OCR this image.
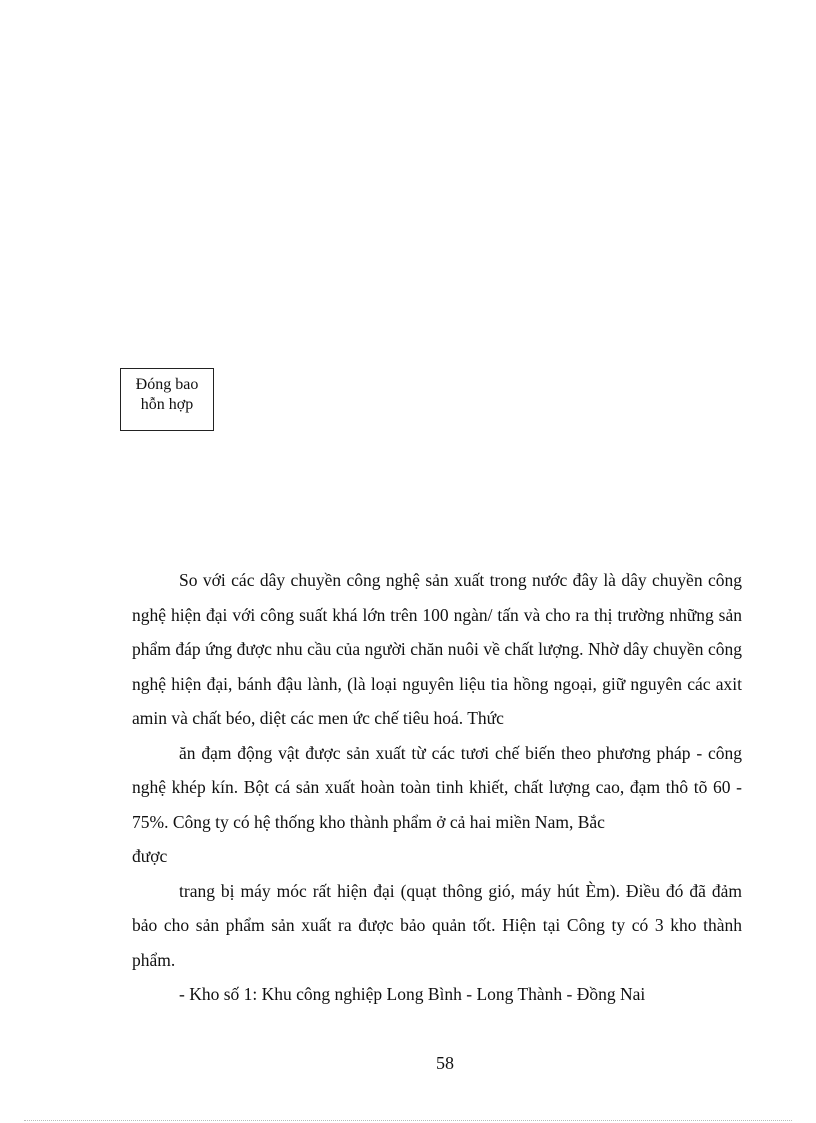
Đóng bao
hỗn hợp

So với các dây chuyền công nghệ sản xuất trong nước đây là dây chuyền công nghệ hiện đại với công suất khá lớn trên 100 ngàn/ tấn và cho ra thị trường những sản phẩm đáp ứng được nhu cầu của người chăn nuôi về chất lượng. Nhờ dây chuyền công nghệ hiện đại, bánh đậu lành, (là loại nguyên liệu tia hồng ngoại, giữ nguyên các axit amin và chất béo, diệt các men ức chế tiêu hoá. Thức

ăn đạm động vật được sản xuất từ các tươi chế biến theo phương pháp - công nghệ khép kín. Bột cá sản xuất hoàn toàn tinh khiết, chất lượng cao, đạm thô tõ 60 - 75%. Công ty có hệ thống kho thành phẩm ở cả hai miền Nam, Bắc

được

trang bị máy móc rất hiện đại (quạt thông gió, máy hút Èm). Điều đó đã đảm bảo cho sản phẩm sản xuất ra được bảo quản tốt. Hiện tại Công ty có 3 kho thành phẩm.

- Kho số 1: Khu công nghiệp Long Bình - Long Thành - Đồng Nai

58
